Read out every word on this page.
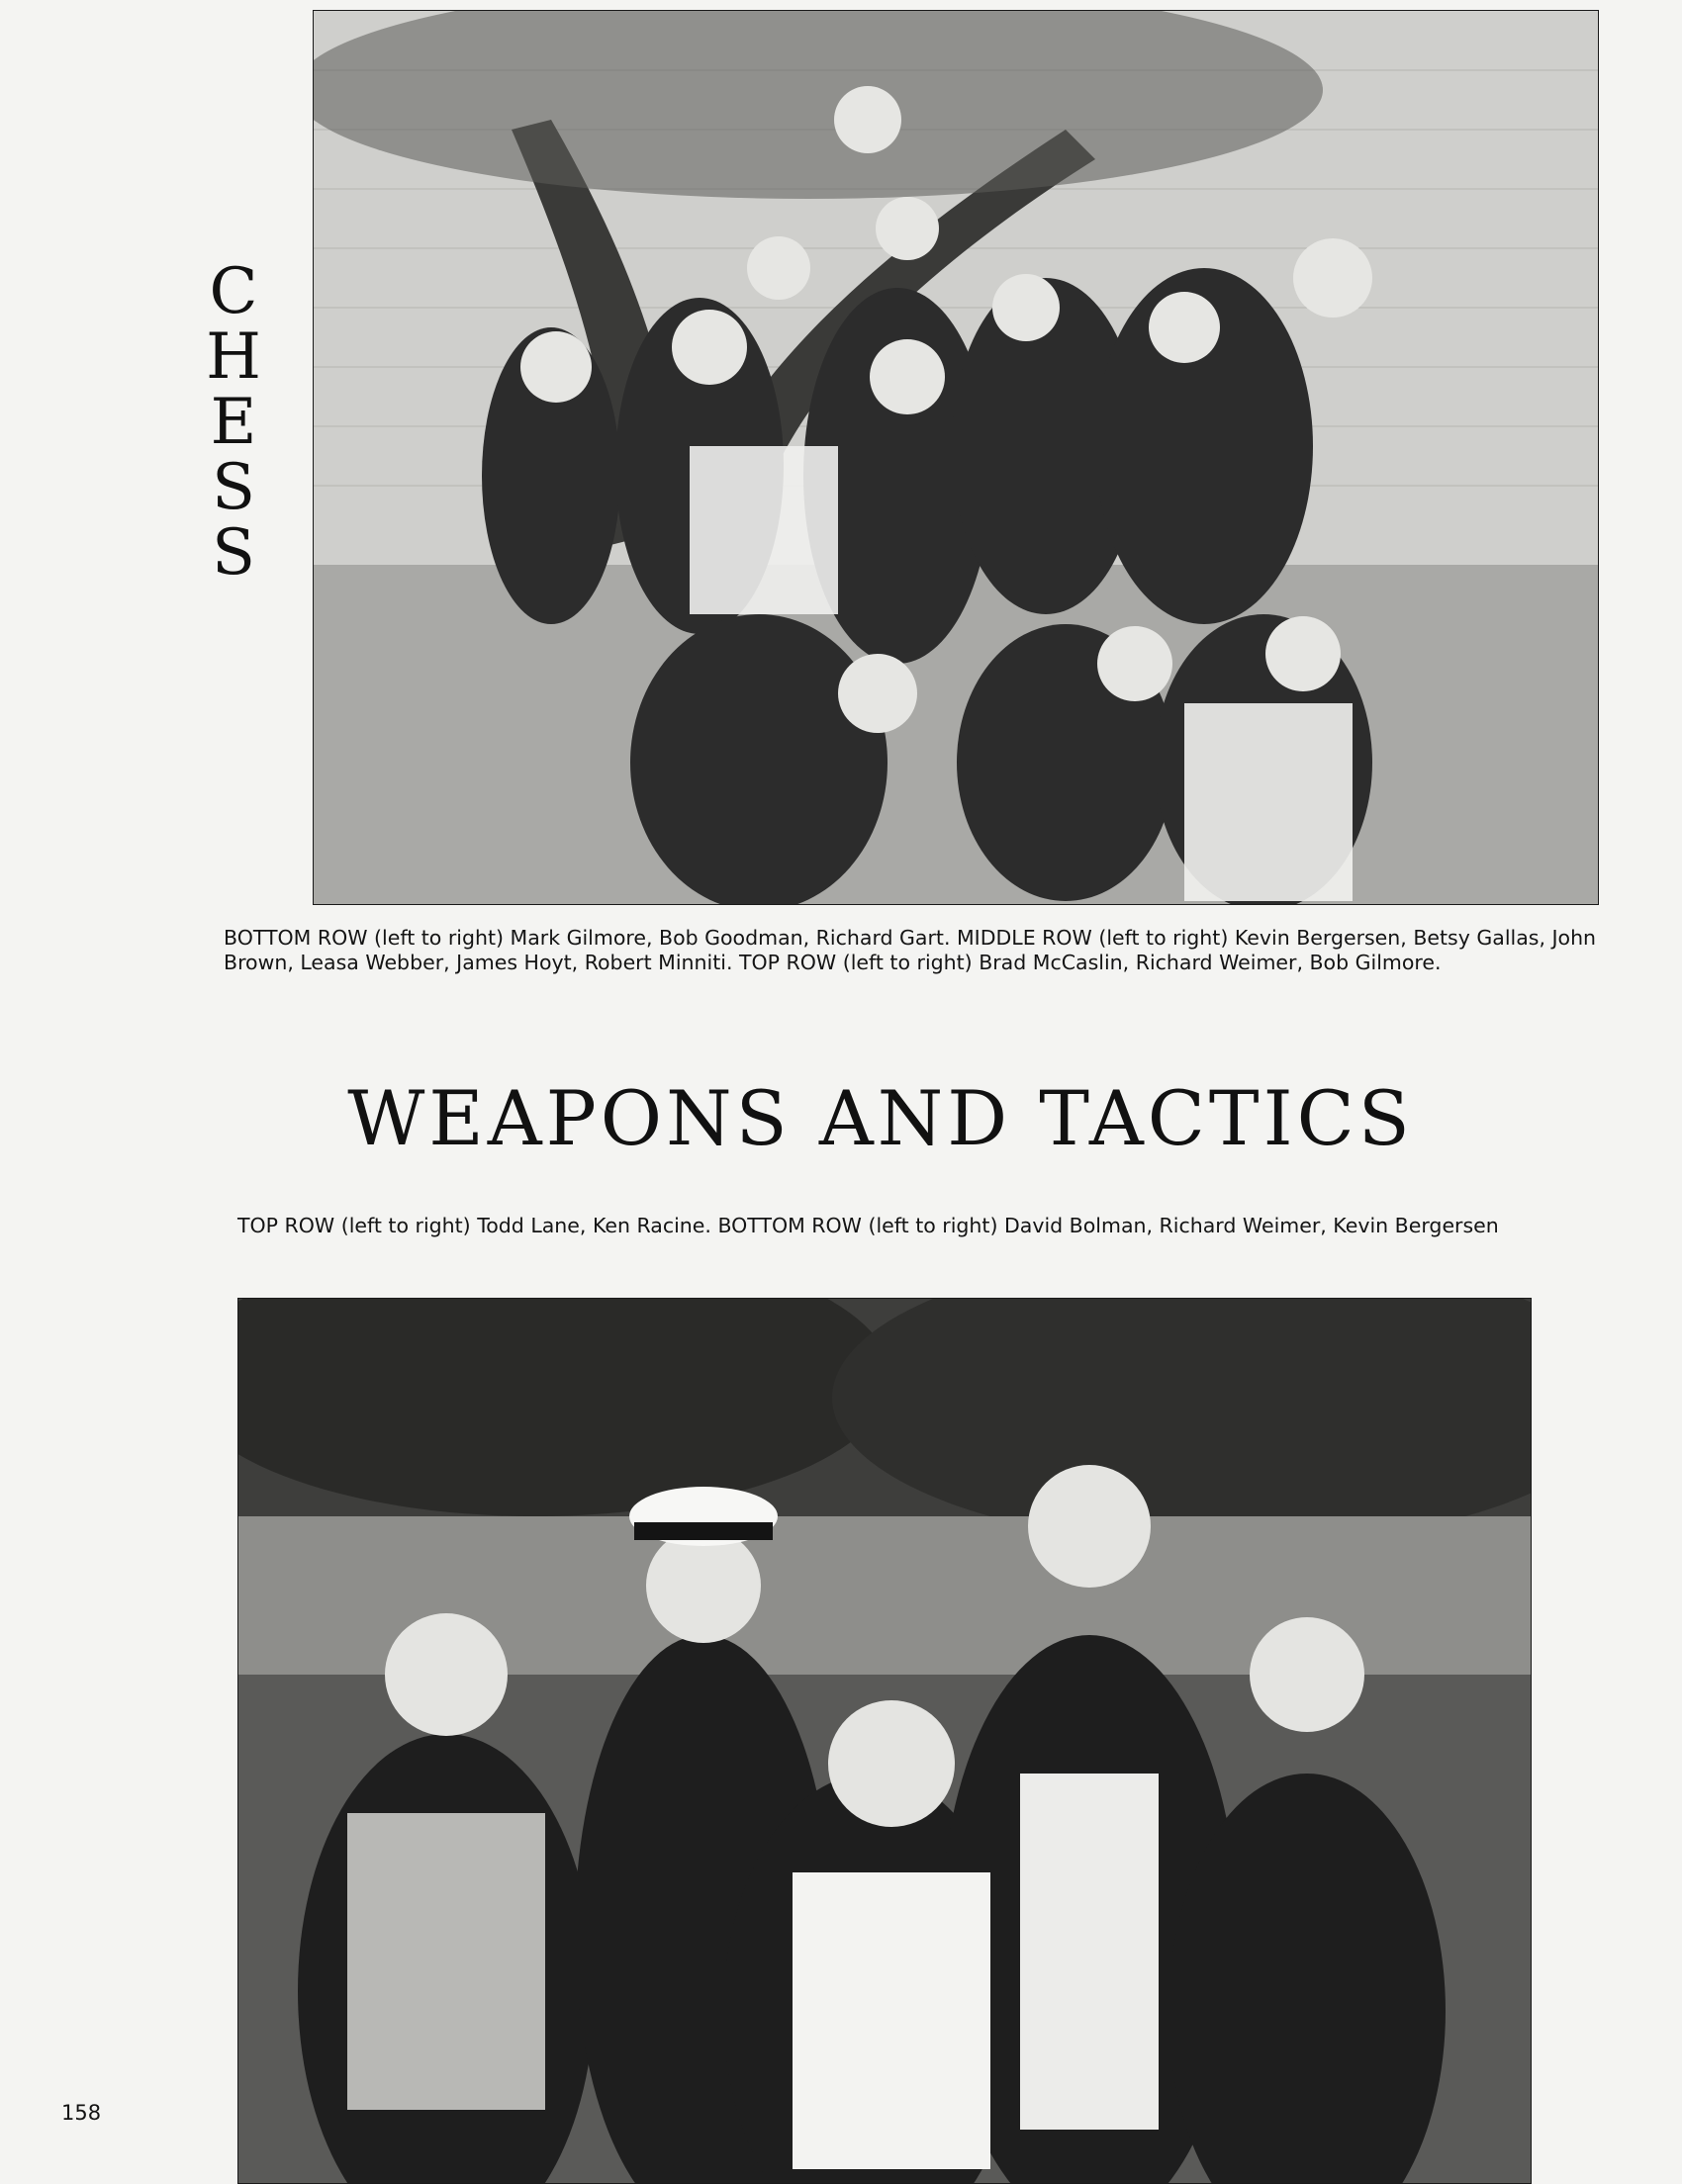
C
H
E
S
S
BOTTOM ROW (left to right) Mark Gilmore, Bob Goodman, Richard Gart. MIDDLE ROW (left to right) Kevin Bergersen, Betsy Gallas, John Brown, Leasa Webber, James Hoyt, Robert Minniti. TOP ROW (left to right) Brad McCaslin, Richard Weimer, Bob Gilmore.
WEAPONS AND TACTICS
TOP ROW (left to right) Todd Lane, Ken Racine. BOTTOM ROW (left to right) David Bolman, Richard Weimer, Kevin Bergersen
158
